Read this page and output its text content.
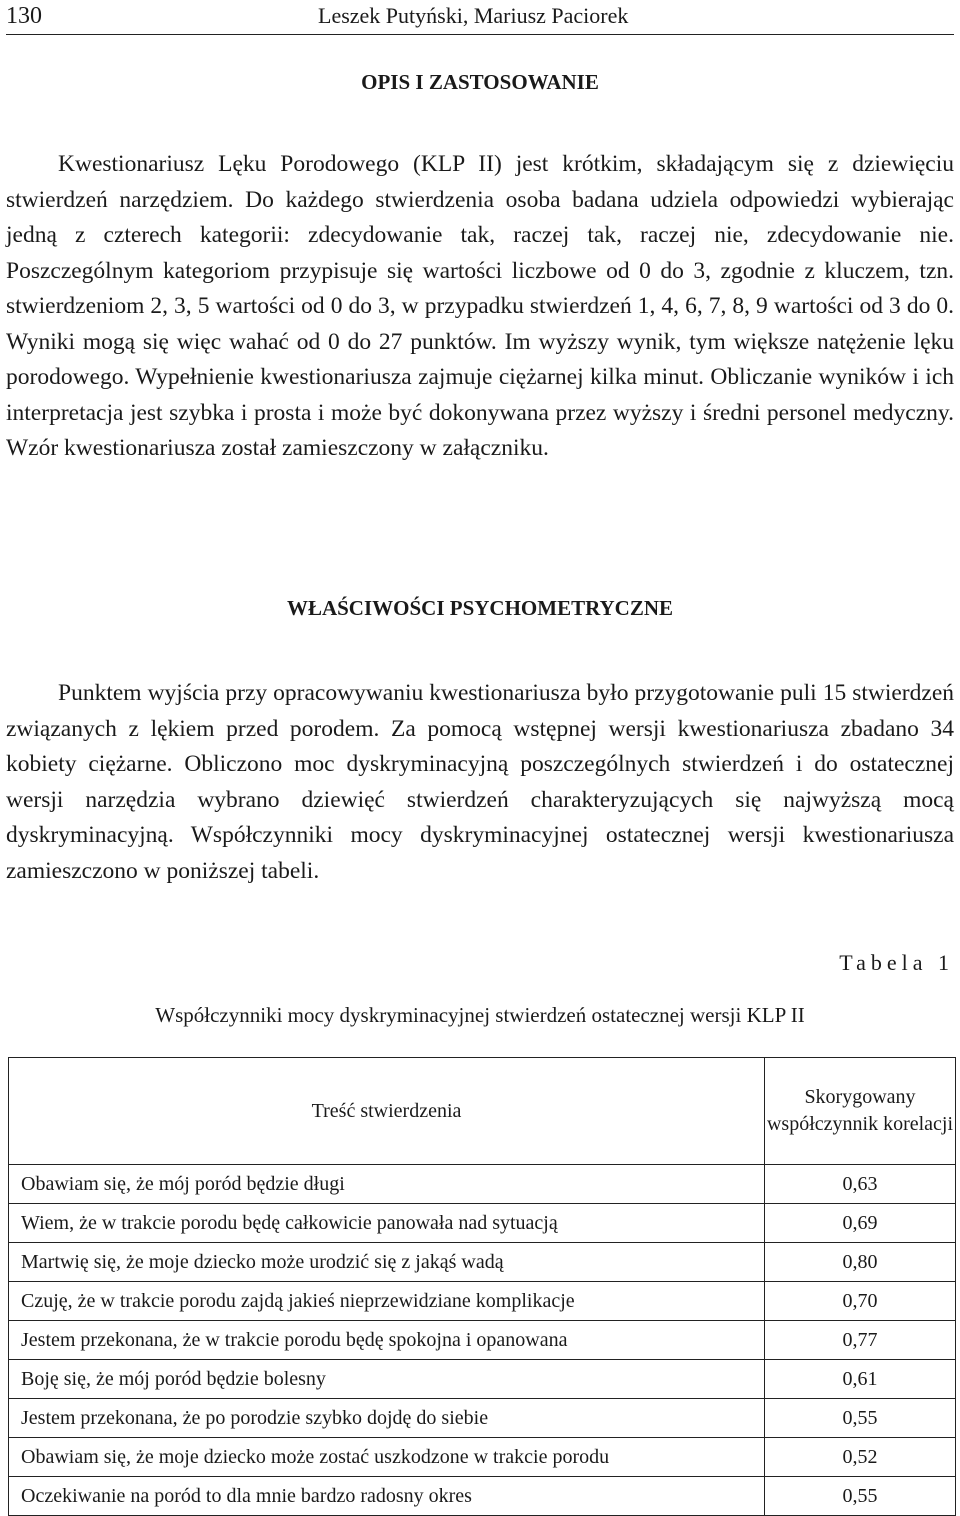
130	Leszek Putyński, Mariusz Paciorek
OPIS I ZASTOSOWANIE
Kwestionariusz Lęku Porodowego (KLP II) jest krótkim, składającym się z dziewięciu stwierdzeń narzędziem. Do każdego stwierdzenia osoba badana udziela odpowiedzi wybierając jedną z czterech kategorii: zdecydowanie tak, raczej tak, raczej nie, zdecydowanie nie. Poszczególnym kategoriom przypisuje się wartości liczbowe od 0 do 3, zgodnie z kluczem, tzn. stwierdzeniom 2, 3, 5 wartości od 0 do 3, w przypadku stwierdzeń 1, 4, 6, 7, 8, 9 wartości od 3 do 0. Wyniki mogą się więc wahać od 0 do 27 punktów. Im wyższy wynik, tym większe natężenie lęku porodowego. Wypełnienie kwestionariusza zajmuje ciężarnej kilka minut. Obliczanie wyników i ich interpretacja jest szybka i prosta i może być dokonywana przez wyższy i średni personel medyczny. Wzór kwestionariusza został zamieszczony w załączniku.
WŁAŚCIWOŚCI PSYCHOMETRYCZNE
Punktem wyjścia przy opracowywaniu kwestionariusza było przygotowanie puli 15 stwierdzeń związanych z lękiem przed porodem. Za pomocą wstępnej wersji kwestionariusza zbadano 34 kobiety ciężarne. Obliczono moc dyskryminacyjną poszczególnych stwierdzeń i do ostatecznej wersji narzędzia wybrano dziewięć stwierdzeń charakteryzujących się najwyższą mocą dyskryminacyjną. Współczynniki mocy dyskryminacyjnej ostatecznej wersji kwestionariusza zamieszczono w poniższej tabeli.
Tabela 1
Współczynniki mocy dyskryminacyjnej stwierdzeń ostatecznej wersji KLP II
Treść stwierdzenia	Skorygowany współczynnik korelacji
Obawiam się, że mój poród będzie długi	0,63
Wiem, że w trakcie porodu będę całkowicie panowała nad sytuacją	0,69
Martwię się, że moje dziecko może urodzić się z jakąś wadą	0,80
Czuję, że w trakcie porodu zajdą jakieś nieprzewidziane komplikacje	0,70
Jestem przekonana, że w trakcie porodu będę spokojna i opanowana	0,77
Boję się, że mój poród będzie bolesny	0,61
Jestem przekonana, że po porodzie szybko dojdę do siebie	0,55
Obawiam się, że moje dziecko może zostać uszkodzone w trakcie porodu	0,52
Oczekiwanie na poród to dla mnie bardzo radosny okres	0,55
